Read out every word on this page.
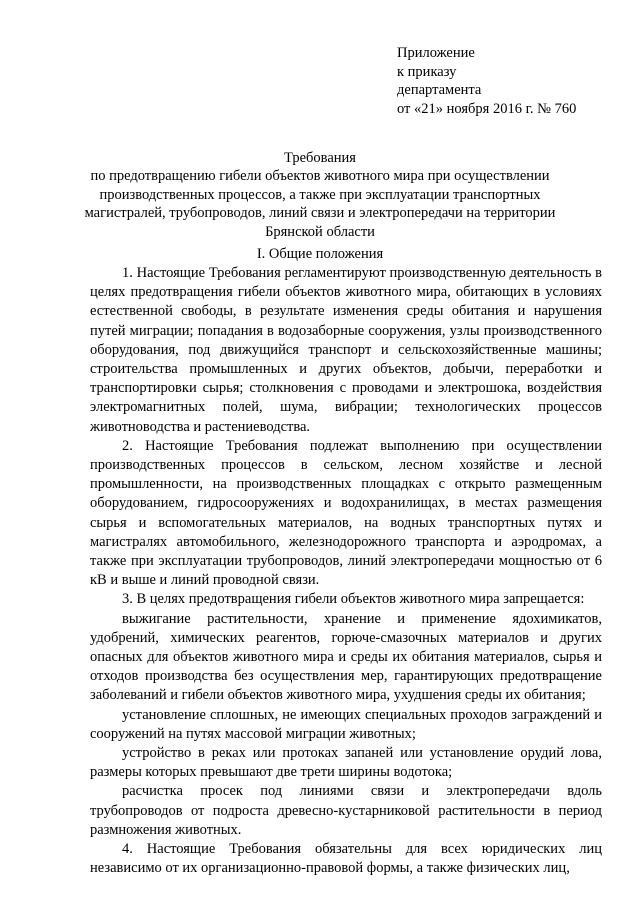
Приложение
к приказу
департамента
от «21» ноября 2016 г. № 760
Требования
по предотвращению гибели объектов животного мира при осуществлении производственных процессов, а также при эксплуатации транспортных магистралей, трубопроводов, линий связи и электропередачи на территории Брянской области
I. Общие положения

1. Настоящие Требования регламентируют производственную деятельность в целях предотвращения гибели объектов животного мира, обитающих в условиях естественной свободы, в результате изменения среды обитания и нарушения путей миграции; попадания в водозаборные сооружения, узлы производственного оборудования, под движущийся транспорт и сельскохозяйственные машины; строительства промышленных и других объектов, добычи, переработки и транспортировки сырья; столкновения с проводами и электрошока, воздействия электромагнитных полей, шума, вибрации; технологических процессов животноводства и растениеводства.

2. Настоящие Требования подлежат выполнению при осуществлении производственных процессов в сельском, лесном хозяйстве и лесной промышленности, на производственных площадках с открыто размещенным оборудованием, гидросооружениях и водохранилищах, в местах размещения сырья и вспомогательных материалов, на водных транспортных путях и магистралях автомобильного, железнодорожного транспорта и аэродромах, а также при эксплуатации трубопроводов, линий электропередачи мощностью от 6 кВ и выше и линий проводной связи.

3. В целях предотвращения гибели объектов животного мира запрещается:

выжигание растительности, хранение и применение ядохимикатов, удобрений, химических реагентов, горюче-смазочных материалов и других опасных для объектов животного мира и среды их обитания материалов, сырья и отходов производства без осуществления мер, гарантирующих предотвращение заболеваний и гибели объектов животного мира, ухудшения среды их обитания;

установление сплошных, не имеющих специальных проходов заграждений и сооружений на путях массовой миграции животных;

устройство в реках или протоках запаней или установление орудий лова, размеры которых превышают две трети ширины водотока;

расчистка просек под линиями связи и электропередачи вдоль трубопроводов от подроста древесно-кустарниковой растительности в период размножения животных.

4. Настоящие Требования обязательны для всех юридических лиц независимо от их организационно-правовой формы, а также физических лиц,
